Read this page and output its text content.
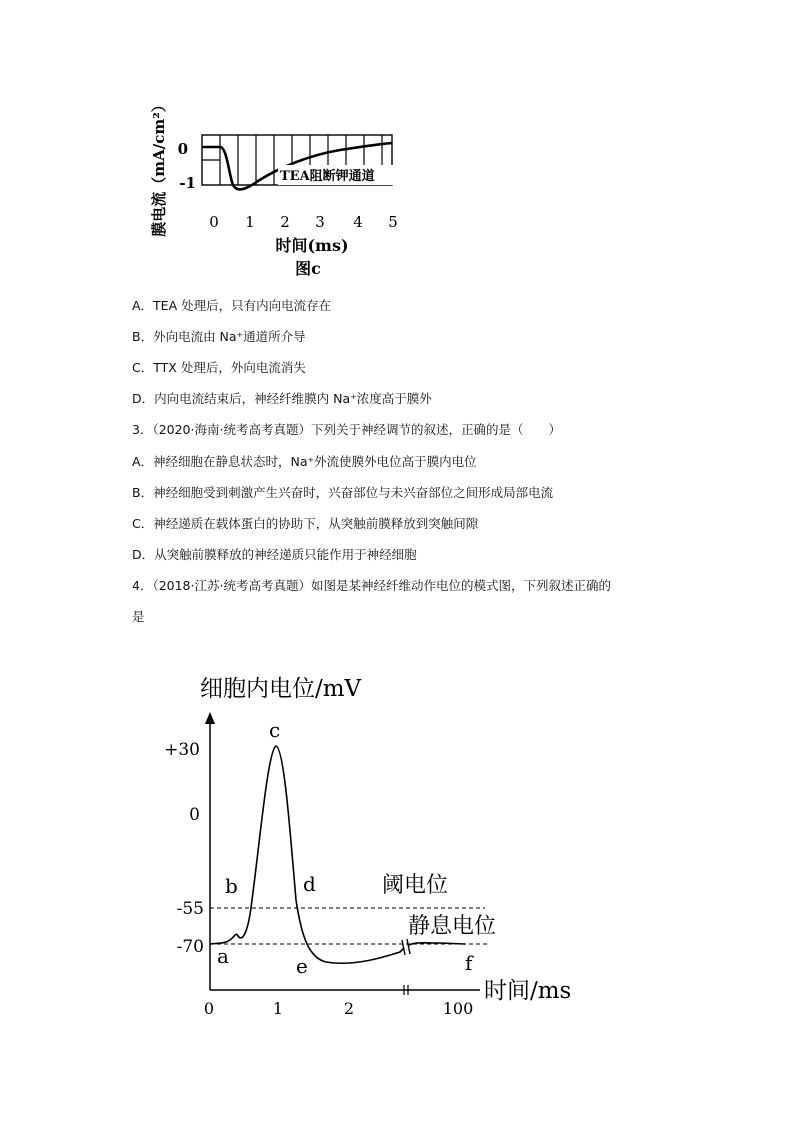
膜电流（mA/cm²）	TEA阻断钾通道
0
-1
0 1 2 3 4 5
时间(ms)
图c
A．TEA 处理后，只有内向电流存在
B．外向电流由 Na⁺通道所介导
C．TTX 处理后，外向电流消失
D．内向电流结束后，神经纤维膜内 Na⁺浓度高于膜外
3．（2020·海南·统考高考真题）下列关于神经调节的叙述，正确的是（　　）
A．神经细胞在静息状态时，Na⁺外流使膜外电位高于膜内电位
B．神经细胞受到刺激产生兴奋时，兴奋部位与未兴奋部位之间形成局部电流
C．神经递质在载体蛋白的协助下，从突触前膜释放到突触间隙
D．从突触前膜释放的神经递质只能作用于神经细胞
4．（2018·江苏·统考高考真题）如图是某神经纤维动作电位的模式图，下列叙述正确的
是
细胞内电位/mV
+30
0
-55
-70
0	1	2	100
时间/ms
a
b
c
d
e	f
阈电位
静息电位
